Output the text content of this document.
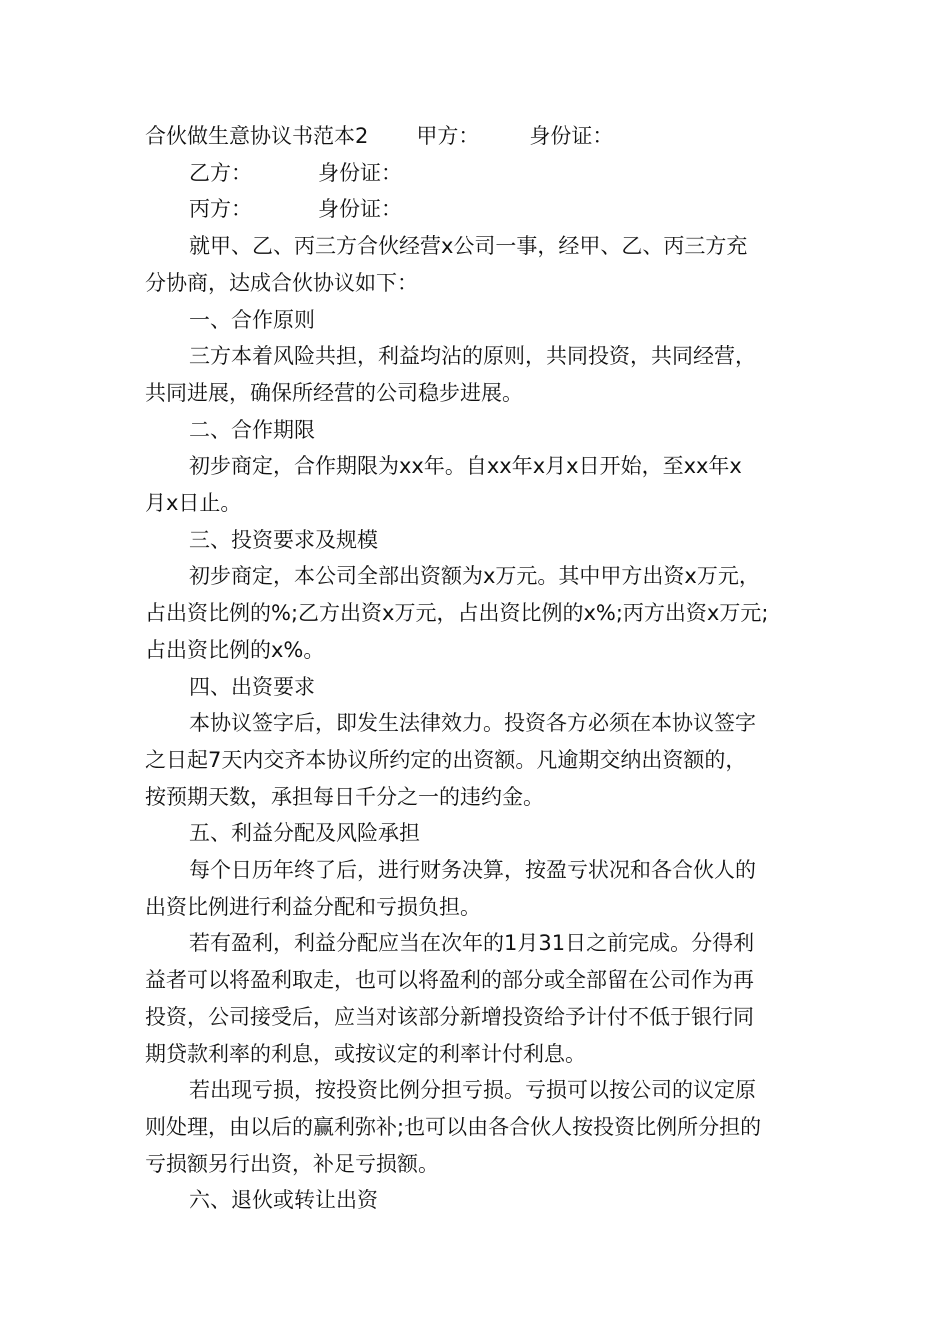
合伙做生意协议书范本2 甲方： 身份证：
乙方：	身份证：
丙方：	身份证：
就甲、乙、丙三方合伙经营x公司一事，经甲、乙、丙三方充
分协商，达成合伙协议如下：
一、合作原则
三方本着风险共担，利益均沾的原则，共同投资，共同经营，
共同进展，确保所经营的公司稳步进展。
二、合作期限
初步商定，合作期限为xx年。自xx年x月x日开始，至xx年x
月x日止。
三、投资要求及规模
初步商定，本公司全部出资额为x万元。其中甲方出资x万元，
占出资比例的%;乙方出资x万元，占出资比例的x%;丙方出资x万元;
占出资比例的x%。
四、出资要求
本协议签字后，即发生法律效力。投资各方必须在本协议签字
之日起7天内交齐本协议所约定的出资额。凡逾期交纳出资额的，
按预期天数，承担每日千分之一的违约金。
五、利益分配及风险承担
每个日历年终了后，进行财务决算，按盈亏状况和各合伙人的
出资比例进行利益分配和亏损负担。
若有盈利，利益分配应当在次年的1月31日之前完成。分得利
益者可以将盈利取走，也可以将盈利的部分或全部留在公司作为再
投资，公司接受后，应当对该部分新增投资给予计付不低于银行同
期贷款利率的利息，或按议定的利率计付利息。
若出现亏损，按投资比例分担亏损。亏损可以按公司的议定原
则处理，由以后的赢利弥补;也可以由各合伙人按投资比例所分担的
亏损额另行出资，补足亏损额。
六、退伙或转让出资
